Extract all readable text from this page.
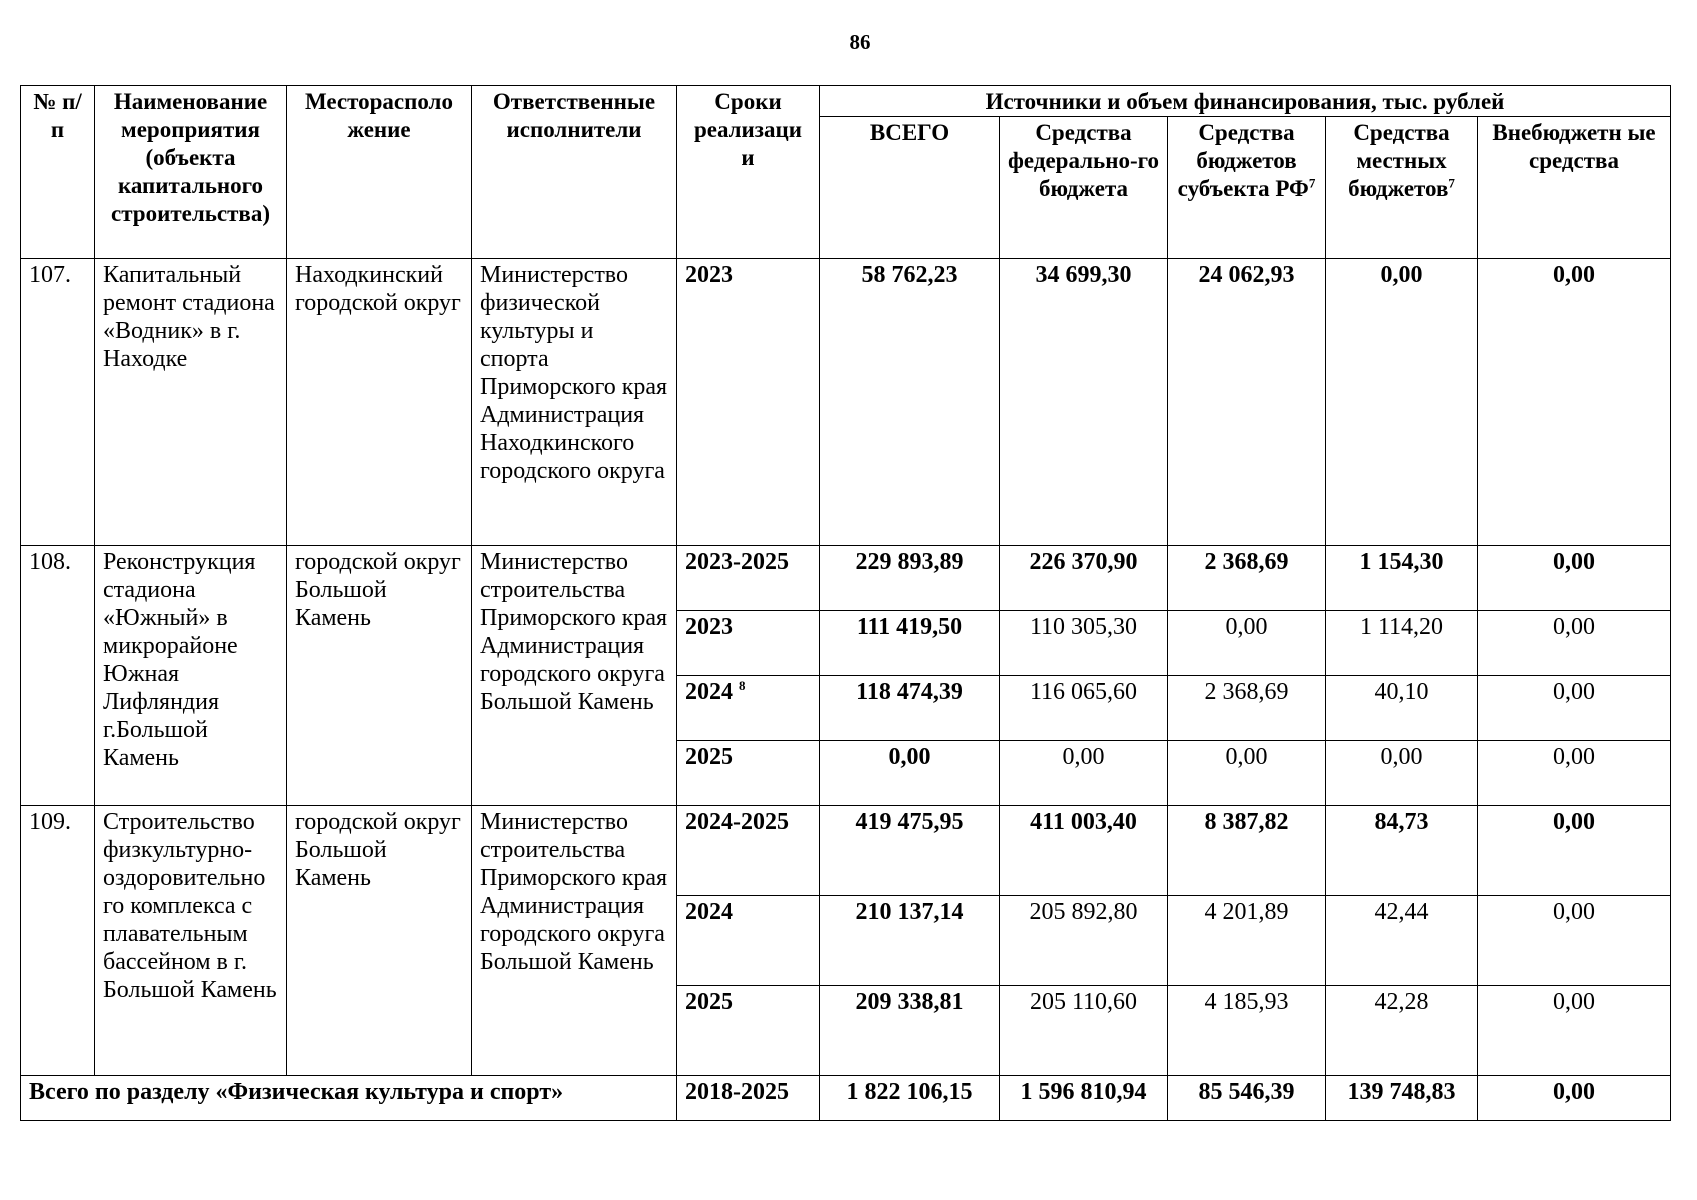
86
№ п/п	Наименование мероприятия (объекта капитального строительства)	Месторасполо жение	Ответственные исполнители	Сроки реализаци и	Источники и объем финансирования, тыс. рублей				
					ВСЕГО	Средства федерально-го бюджета	Средства бюджетов субъекта $РФ^7$	Средства местных бюджетов$^7$	Внебюджетн ые средства
107.	Капитальный ремонт стадиона «Водник» в г. Находке	Находкинский городской округ	Министерство физической культуры и спорта Приморского края Администрация Находкинского городского округа	2023	58 762,23	34 699,30	24 062,93	0,00	0,00
108.	Реконструкция стадиона «Южный» в микрорайоне Южная Лифляндия г.Большой Камень	городской округ Большой Камень	Министерство строительства Приморского края Администрация городского округа Большой Камень	2023-2025	229 893,89	226 370,90	2 368,69	1 154,30	0,00
				2023	111 419,50	110 305,30	0,00	1 114,20	0,00
				2024 $^8$	118 474,39	116 065,60	2 368,69	40,10	0,00
				2025	0,00	0,00	0,00	0,00	0,00
109.	Строительство физкультурно-оздоровительно го комплекса с плавательным бассейном в г. Большой Камень	городской округ Большой Камень	Министерство строительства Приморского края Администрация городского округа Большой Камень	2024-2025	419 475,95	411 003,40	8 387,82	84,73	0,00
				2024	210 137,14	205 892,80	4 201,89	42,44	0,00
				2025	209 338,81	205 110,60	4 185,93	42,28	0,00
Всего по разделу «Физическая культура и спорт»				2018-2025	1 822 106,15	1 596 810,94	85 546,39	139 748,83	0,00
